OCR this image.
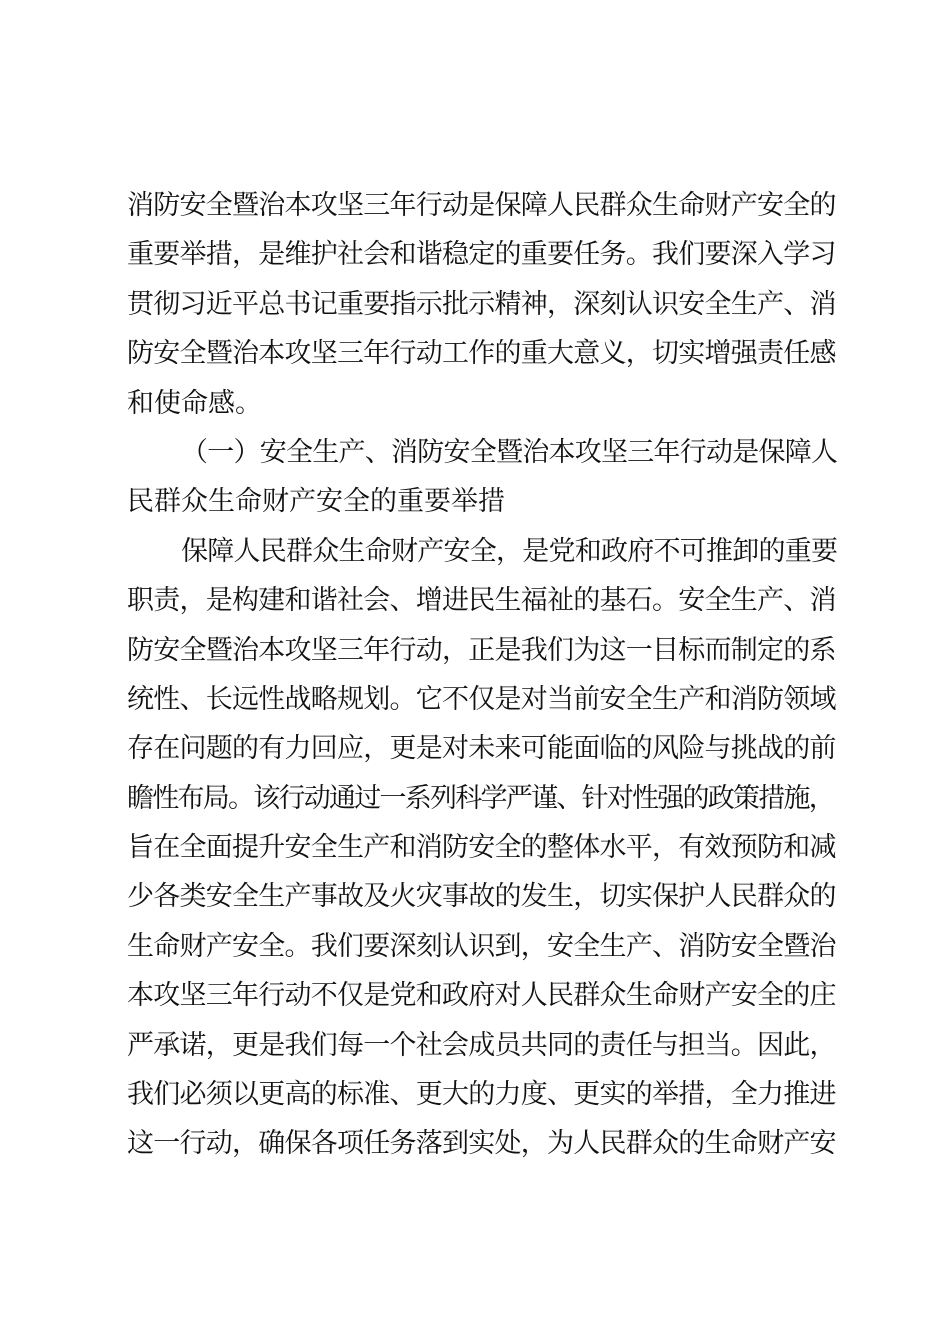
消防安全暨治本攻坚三年行动是保障人民群众生命财产安全的
重要举措，是维护社会和谐稳定的重要任务。我们要深入学习
贯彻习近平总书记重要指示批示精神，深刻认识安全生产、消
防安全暨治本攻坚三年行动工作的重大意义，切实增强责任感
和使命感。
（一）安全生产、消防安全暨治本攻坚三年行动是保障人
民群众生命财产安全的重要举措
保障人民群众生命财产安全，是党和政府不可推卸的重要
职责，是构建和谐社会、增进民生福祉的基石。安全生产、消
防安全暨治本攻坚三年行动，正是我们为这一目标而制定的系
统性、长远性战略规划。它不仅是对当前安全生产和消防领域
存在问题的有力回应，更是对未来可能面临的风险与挑战的前
瞻性布局。该行动通过一系列科学严谨、针对性强的政策措施，
旨在全面提升安全生产和消防安全的整体水平，有效预防和减
少各类安全生产事故及火灾事故的发生，切实保护人民群众的
生命财产安全。我们要深刻认识到，安全生产、消防安全暨治
本攻坚三年行动不仅是党和政府对人民群众生命财产安全的庄
严承诺，更是我们每一个社会成员共同的责任与担当。因此，
我们必须以更高的标准、更大的力度、更实的举措，全力推进
这一行动，确保各项任务落到实处，为人民群众的生命财产安
